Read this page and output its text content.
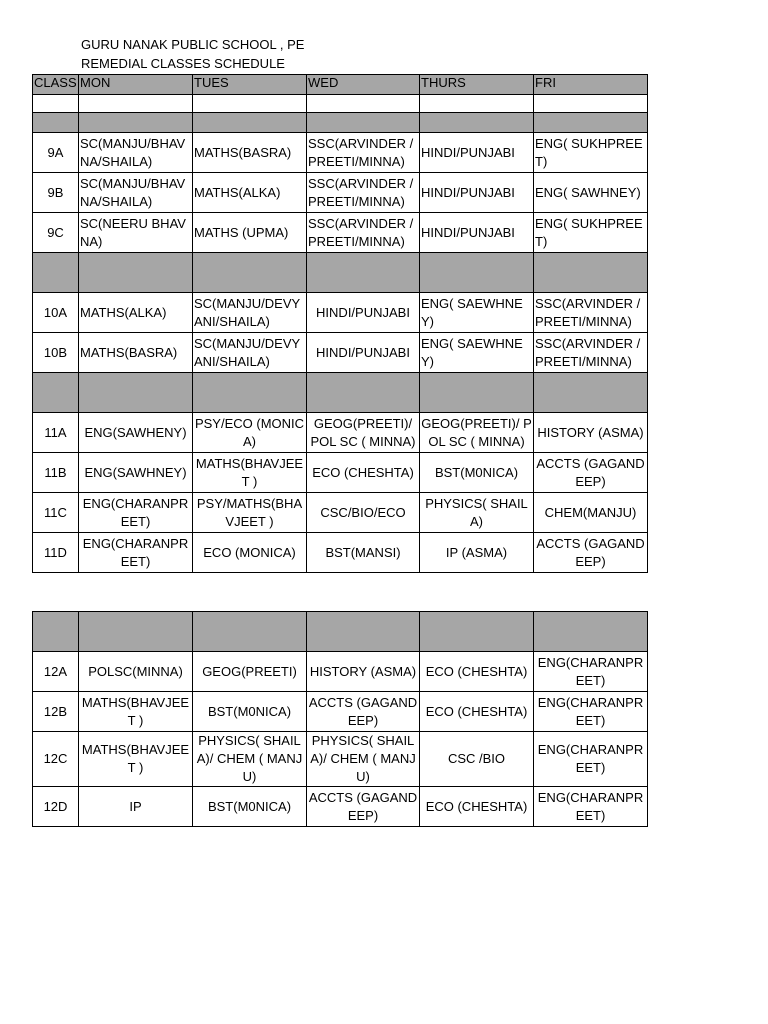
GURU NANAK PUBLIC SCHOOL , PE
REMEDIAL CLASSES SCHEDULE
CLASS	MON	TUES	WED	THURS	FRI

9A	SC(MANJU/BHAVNA/SHAILA)	MATHS(BASRA)	SSC(ARVINDER / PREETI/MINNA)	HINDI/PUNJABI	ENG( SUKHPREET)
9B	SC(MANJU/BHAVNA/SHAILA)	MATHS(ALKA)	SSC(ARVINDER / PREETI/MINNA)	HINDI/PUNJABI	ENG( SAWHNEY)
9C	SC(NEERU BHAVNA)	MATHS (UPMA)	SSC(ARVINDER / PREETI/MINNA)	HINDI/PUNJABI	ENG( SUKHPREET)

10A	MATHS(ALKA)	SC(MANJU/DEVYANI/SHAILA)	HINDI/PUNJABI	ENG( SAEWHNEY)	SSC(ARVINDER / PREETI/MINNA)
10B	MATHS(BASRA)	SC(MANJU/DEVYANI/SHAILA)	HINDI/PUNJABI	ENG( SAEWHNEY)	SSC(ARVINDER / PREETI/MINNA)

11A	ENG(SAWHENY)	PSY/ECO (MONICA)	GEOG(PREETI)/ POL SC ( MINNA)	GEOG(PREETI)/ POL SC ( MINNA)	HISTORY (ASMA)
11B	ENG(SAWHNEY)	MATHS(BHAVJEET )	ECO (CHESHTA)	BST(M0NICA)	ACCTS (GAGANDEEP)
11C	ENG(CHARANPREET)	PSY/MATHS(BHAVJEET )	CSC/BIO/ECO	PHYSICS( SHAILA)	CHEM(MANJU)
11D	ENG(CHARANPREET)	ECO (MONICA)	BST(MANSI)	IP (ASMA)	ACCTS (GAGANDEEP)

12A	POLSC(MINNA)	GEOG(PREETI)	HISTORY (ASMA)	ECO (CHESHTA)	ENG(CHARANPREET)
12B	MATHS(BHAVJEET )	BST(M0NICA)	ACCTS (GAGANDEEP)	ECO (CHESHTA)	ENG(CHARANPREET)
12C	MATHS(BHAVJEET )	PHYSICS( SHAILA)/ CHEM ( MANJU)	PHYSICS( SHAILA)/ CHEM ( MANJU)	CSC /BIO	ENG(CHARANPREET)
12D	IP	BST(M0NICA)	ACCTS (GAGANDEEP)	ECO (CHESHTA)	ENG(CHARANPREET)
